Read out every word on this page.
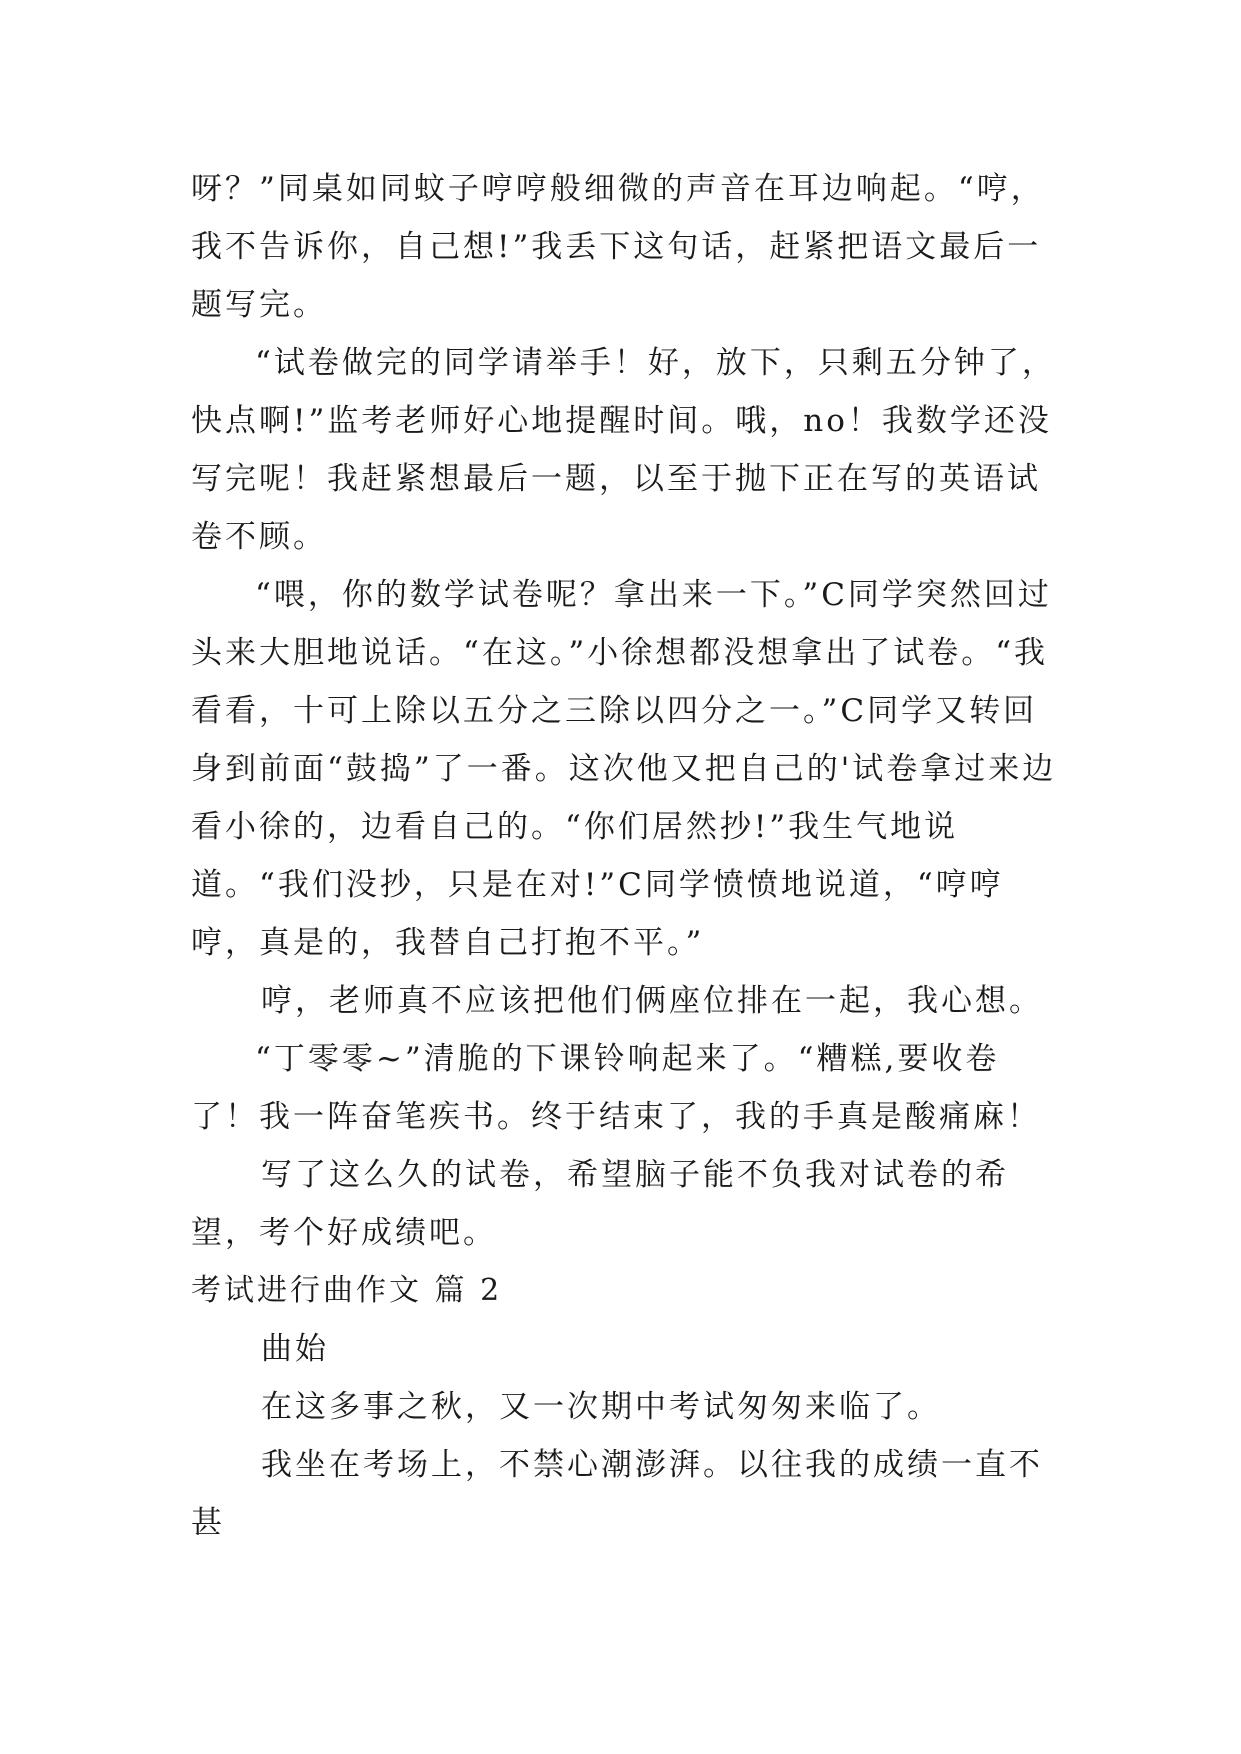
呀？”同桌如同蚊子哼哼般细微的声音在耳边响起。“哼，我不告诉你，自己想!”我丢下这句话，赶紧把语文最后一题写完。

“试卷做完的同学请举手！好，放下，只剩五分钟了，快点啊!”监考老师好心地提醒时间。哦，no！我数学还没写完呢！我赶紧想最后一题，以至于抛下正在写的英语试卷不顾。

“喂，你的数学试卷呢？拿出来一下。”C同学突然回过头来大胆地说话。“在这。”小徐想都没想拿出了试卷。“我看看，十可上除以五分之三除以四分之一。”C同学又转回身到前面“鼓捣”了一番。这次他又把自己的'试卷拿过来边看小徐的，边看自己的。“你们居然抄!”我生气地说道。“我们没抄，只是在对!”C同学愤愤地说道，“哼哼哼，真是的，我替自己打抱不平。”

哼，老师真不应该把他们俩座位排在一起，我心想。

“丁零零~”清脆的下课铃响起来了。“糟糕,要收卷了！我一阵奋笔疾书。终于结束了，我的手真是酸痛麻！

写了这么久的试卷，希望脑子能不负我对试卷的希望，考个好成绩吧。

考试进行曲作文 篇 2

曲始

在这多事之秋，又一次期中考试匆匆来临了。

我坐在考场上，不禁心潮澎湃。以往我的成绩一直不甚
